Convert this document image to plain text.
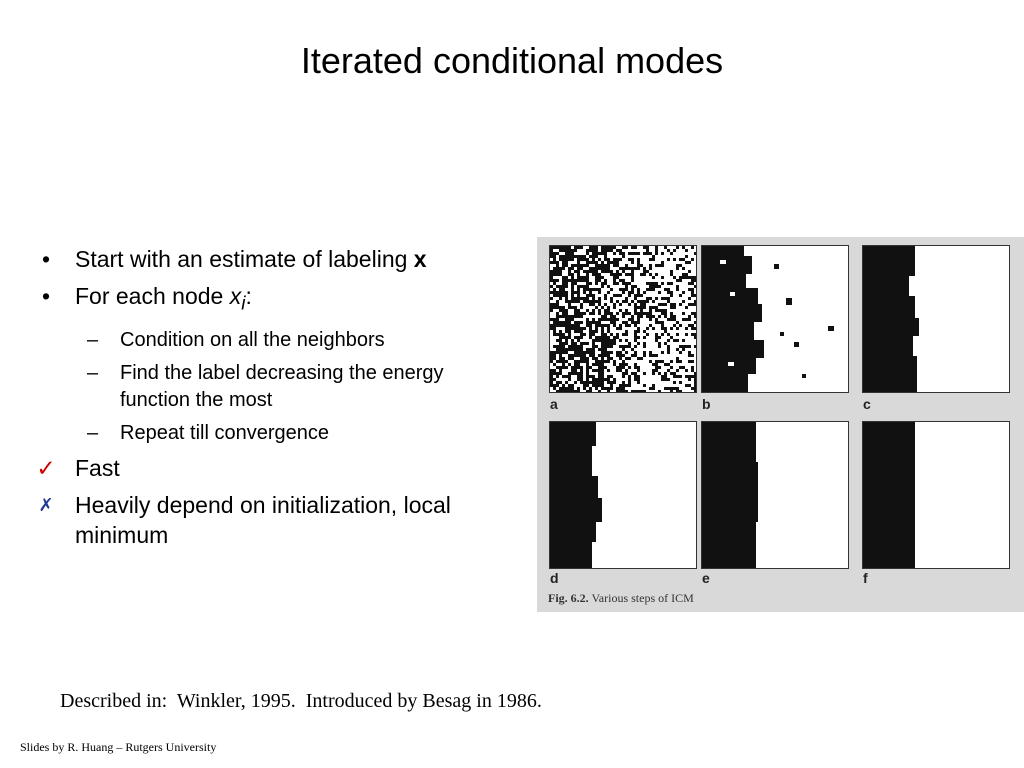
Iterated conditional modes
• Start with an estimate of labeling x
• For each node $x_i$:
– Condition on all the neighbors
– Find the label decreasing the energy function the most
– Repeat till convergence
✓ Fast
✗ Heavily depend on initialization, local minimum
a	b	c
d	e	f
Fig. 6.2. Various steps of ICM
Described in:  Winkler, 1995.  Introduced by Besag in 1986.
Slides by R. Huang – Rutgers University
